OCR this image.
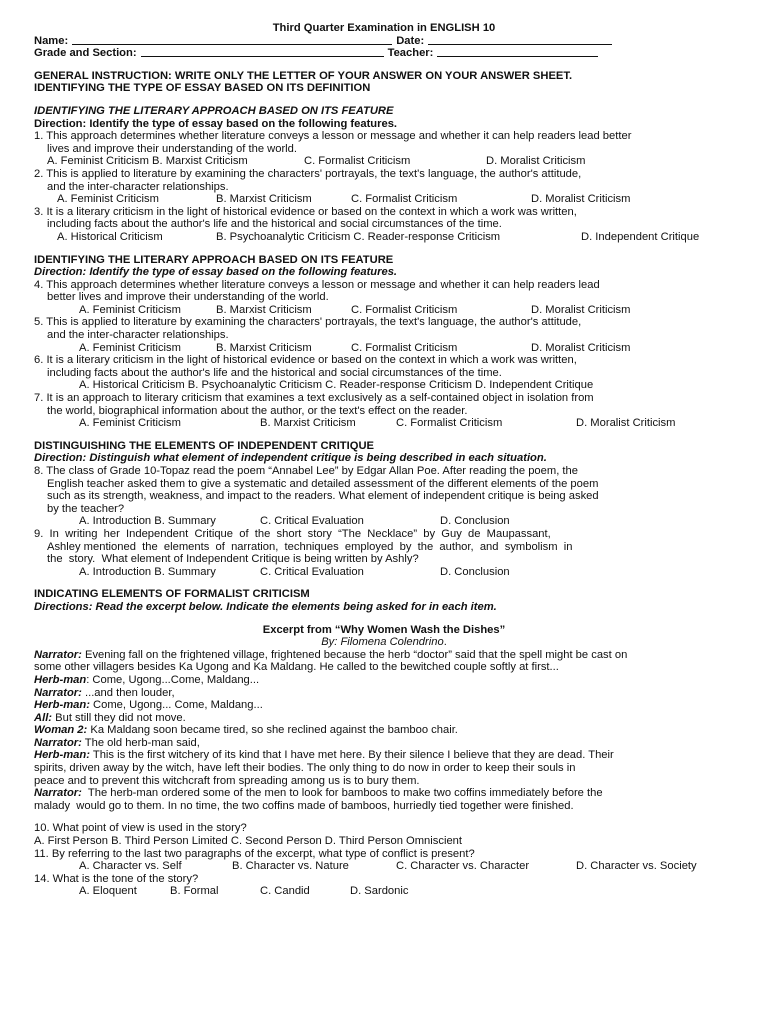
Third Quarter Examination in ENGLISH 10
Name:	Date:
Grade and Section:	Teacher:
GENERAL INSTRUCTION: WRITE ONLY THE LETTER OF YOUR ANSWER ON YOUR ANSWER SHEET.
IDENTIFYING THE TYPE OF ESSAY BASED ON ITS DEFINITION
IDENTIFYING THE LITERARY APPROACH BASED ON ITS FEATURE
Direction: Identify the type of essay based on the following features.
1. This approach determines whether literature conveys a lesson or message and whether it can help readers lead better
lives and improve their understanding of the world.
A. Feminist Criticism B. Marxist Criticism	C. Formalist Criticism	D. Moralist Criticism
2. This is applied to literature by examining the characters' portrayals, the text's language, the author's attitude,
and the inter-character relationships.
A. Feminist Criticism	B. Marxist Criticism	C. Formalist Criticism	D. Moralist Criticism
3. It is a literary criticism in the light of historical evidence or based on the context in which a work was written,
including facts about the author's life and the historical and social circumstances of the time.
A. Historical Criticism	B. Psychoanalytic Criticism C. Reader-response Criticism	D. Independent Critique
IDENTIFYING THE LITERARY APPROACH BASED ON ITS FEATURE
Direction: Identify the type of essay based on the following features.
4. This approach determines whether literature conveys a lesson or message and whether it can help readers lead
better lives and improve their understanding of the world.
A. Feminist Criticism	B. Marxist Criticism	C. Formalist Criticism	D. Moralist Criticism
5. This is applied to literature by examining the characters' portrayals, the text's language, the author's attitude,
and the inter-character relationships.
A. Feminist Criticism	B. Marxist Criticism	C. Formalist Criticism	D. Moralist Criticism
6. It is a literary criticism in the light of historical evidence or based on the context in which a work was written,
including facts about the author's life and the historical and social circumstances of the time.
A. Historical Criticism B. Psychoanalytic Criticism C. Reader-response Criticism D. Independent Critique
7. It is an approach to literary criticism that examines a text exclusively as a self-contained object in isolation from
the world, biographical information about the author, or the text's effect on the reader.
A. Feminist Criticism	B. Marxist Criticism	C. Formalist Criticism	D. Moralist Criticism
DISTINGUISHING THE ELEMENTS OF INDEPENDENT CRITIQUE
Direction: Distinguish what element of independent critique is being described in each situation.
8. The class of Grade 10-Topaz read the poem “Annabel Lee” by Edgar Allan Poe. After reading the poem, the
English teacher asked them to give a systematic and detailed assessment of the different elements of the poem
such as its strength, weakness, and impact to the readers. What element of independent critique is being asked
by the teacher?
A. Introduction B. Summary	C. Critical Evaluation	D. Conclusion
9.  In  writing  her  Independent  Critique  of  the  short  story  “The  Necklace”  by  Guy  de  Maupassant,
Ashley mentioned  the  elements  of  narration,  techniques  employed  by  the  author,  and  symbolism  in
the  story.  What element of Independent Critique is being written by Ashly?
A. Introduction B. Summary	C. Critical Evaluation	D. Conclusion
INDICATING ELEMENTS OF FORMALIST CRITICISM
Directions: Read the excerpt below. Indicate the elements being asked for in each item.
Excerpt from “Why Women Wash the Dishes”
By: Filomena Colendrino.
Narrator: Evening fall on the frightened village, frightened because the herb “doctor” said that the spell might be cast on
some other villagers besides Ka Ugong and Ka Maldang. He called to the bewitched couple softly at first...
Herb-man: Come, Ugong...Come, Maldang...
Narrator: ...and then louder,
Herb-man: Come, Ugong... Come, Maldang...
All: But still they did not move.
Woman 2: Ka Maldang soon became tired, so she reclined against the bamboo chair.
Narrator: The old herb-man said,
Herb-man: This is the first witchery of its kind that I have met here. By their silence I believe that they are dead. Their
spirits, driven away by the witch, have left their bodies. The only thing to do now in order to keep their souls in
peace and to prevent this witchcraft from spreading among us is to bury them.
Narrator:  The herb-man ordered some of the men to look for bamboos to make two coffins immediately before the
malady  would go to them. In no time, the two coffins made of bamboos, hurriedly tied together were finished.
10. What point of view is used in the story?
A. First Person B. Third Person Limited C. Second Person D. Third Person Omniscient
11. By referring to the last two paragraphs of the excerpt, what type of conflict is present?
A. Character vs. Self	B. Character vs. Nature	C. Character vs. Character	D. Character vs. Society
14. What is the tone of the story?
A. Eloquent	B. Formal	C. Candid	D. Sardonic
